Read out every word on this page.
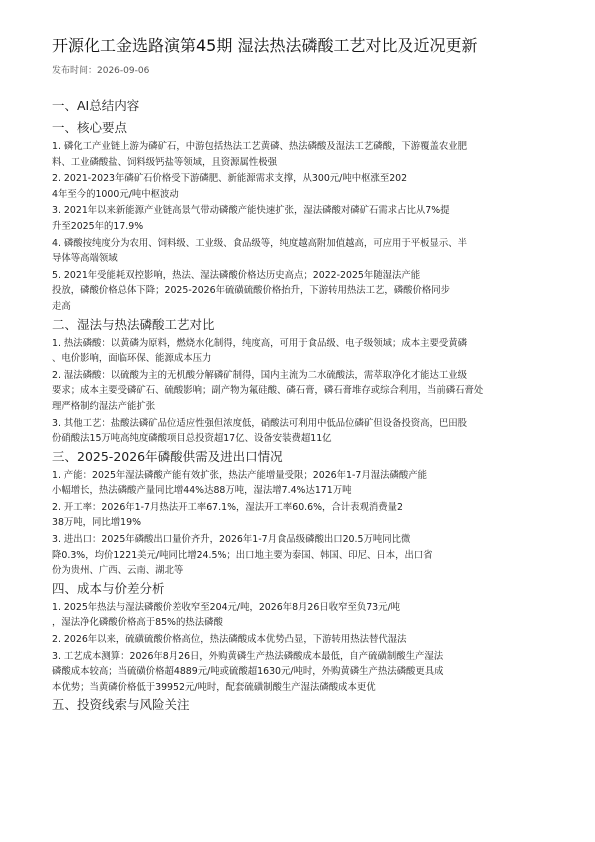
开源化工金选路演第45期 湿法热法磷酸工艺对比及近况更新
发布时间：2026-09-06
一、AI总结内容
一、核心要点
1. 磷化工产业链上游为磷矿石，中游包括热法工艺黄磷、热法磷酸及湿法工艺磷酸，下游覆盖农业肥
料、工业磷酸盐、饲料级钙盐等领域，且资源属性极强
2. 2021-2023年磷矿石价格受下游磷肥、新能源需求支撑，从300元/吨中枢涨至202
4年至今的1000元/吨中枢波动
3. 2021年以来新能源产业链高景气带动磷酸产能快速扩张，湿法磷酸对磷矿石需求占比从7%提
升至2025年的17.9%
4. 磷酸按纯度分为农用、饲料级、工业级、食品级等，纯度越高附加值越高，可应用于平板显示、半
导体等高端领域
5. 2021年受能耗双控影响，热法、湿法磷酸价格达历史高点；2022-2025年随湿法产能
投放，磷酸价格总体下降；2025-2026年硫磺硫酸价格抬升，下游转用热法工艺，磷酸价格同步
走高
二、湿法与热法磷酸工艺对比
1. 热法磷酸：以黄磷为原料，燃烧水化制得，纯度高，可用于食品级、电子级领域；成本主要受黄磷
、电价影响，面临环保、能源成本压力
2. 湿法磷酸：以硫酸为主的无机酸分解磷矿制得，国内主流为二水硫酸法，需萃取净化才能达工业级
要求；成本主要受磷矿石、硫酸影响；副产物为氟硅酸、磷石膏，磷石膏堆存或综合利用，当前磷石膏处
理严格制约湿法产能扩张
3. 其他工艺：盐酸法磷矿品位适应性强但浓度低，硝酸法可利用中低品位磷矿但设备投资高，巴田股
份硝酸法15万吨高纯度磷酸项目总投资超17亿、设备安装费超11亿
三、2025-2026年磷酸供需及进出口情况
1. 产能：2025年湿法磷酸产能有效扩张，热法产能增量受限；2026年1-7月湿法磷酸产能
小幅增长，热法磷酸产量同比增44%达88万吨，湿法增7.4%达171万吨
2. 开工率：2026年1-7月热法开工率67.1%，湿法开工率60.6%，合计表观消费量2
38万吨，同比增19%
3. 进出口：2025年磷酸出口量价齐升，2026年1-7月食品级磷酸出口20.5万吨同比微
降0.3%，均价1221美元/吨同比增24.5%；出口地主要为泰国、韩国、印尼、日本，出口省
份为贵州、广西、云南、湖北等
四、成本与价差分析
1. 2025年热法与湿法磷酸价差收窄至204元/吨，2026年8月26日收窄至负73元/吨
，湿法净化磷酸价格高于85%的热法磷酸
2. 2026年以来，硫磺硫酸价格高位，热法磷酸成本优势凸显，下游转用热法替代湿法
3. 工艺成本测算：2026年8月26日，外购黄磷生产热法磷酸成本最低，自产硫磺制酸生产湿法
磷酸成本较高；当硫磺价格超4889元/吨或硫酸超1630元/吨时，外购黄磷生产热法磷酸更具成
本优势；当黄磷价格低于39952元/吨时，配套硫磺制酸生产湿法磷酸成本更优
五、投资线索与风险关注
